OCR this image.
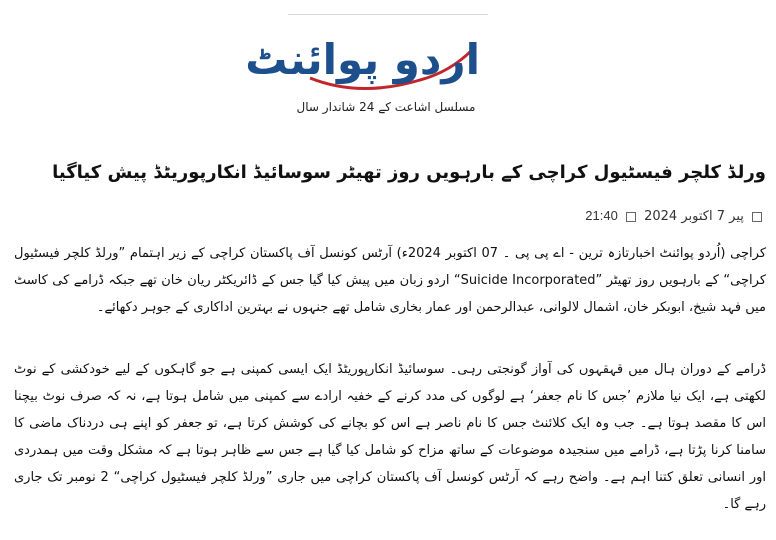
اردو پوائنٹ
مسلسل اشاعت کے 24 شاندار سال
ورلڈ کلچر فیسٹیول کراچی کے بارہویں روز تھیٹر سوسائیڈ انکارپوریٹڈ پیش کیاگیا
پیر 7 اکتوبر 2024  21:40

کراچی (اُردو پوائنٹ اخبارتازہ ترین - اے پی پی ۔ 07 اکتوبر 2024ء) آرٹس کونسل آف پاکستان کراچی کے زیر اہتمام ”ورلڈ کلچر فیسٹیول کراچی“ کے بارہویں روز تھیٹر ”Suicide Incorporated“ اردو زبان میں پیش کیا گیا جس کے ڈائریکٹر ریان خان تھے جبکہ ڈرامے کی کاسٹ میں فہد شیخ، ابوبکر خان، اشمال لالوانی، عبدالرحمن اور عمار بخاری شامل تھے جنہوں نے بہترین اداکاری کے جوہر دکھائے۔

ڈرامے کے دوران ہال میں قہقہوں کی آواز گونجتی رہی۔ سوسائیڈ انکارپوریٹڈ ایک ایسی کمپنی ہے جو گاہکوں کے لیے خودکشی کے نوٹ لکھتی ہے، ایک نیا ملازم ’جس کا نام جعفر‘ ہے لوگوں کی مدد کرنے کے خفیہ ارادے سے کمپنی میں شامل ہوتا ہے، نہ کہ صرف نوٹ بیچنا اس کا مقصد ہوتا ہے۔ جب وہ ایک کلائنٹ جس کا نام ناصر ہے اس کو بچانے کی کوشش کرتا ہے، تو جعفر کو اپنے ہی دردناک ماضی کا سامنا کرنا پڑتا ہے، ڈرامے میں سنجیدہ موضوعات کے ساتھ مزاح کو شامل کیا گیا ہے جس سے ظاہر ہوتا ہے کہ مشکل وقت میں ہمدردی اور انسانی تعلق کتنا اہم ہے۔ واضح رہے کہ آرٹس کونسل آف پاکستان کراچی میں جاری ”ورلڈ کلچر فیسٹیول کراچی“ 2 نومبر تک جاری رہے گا۔
